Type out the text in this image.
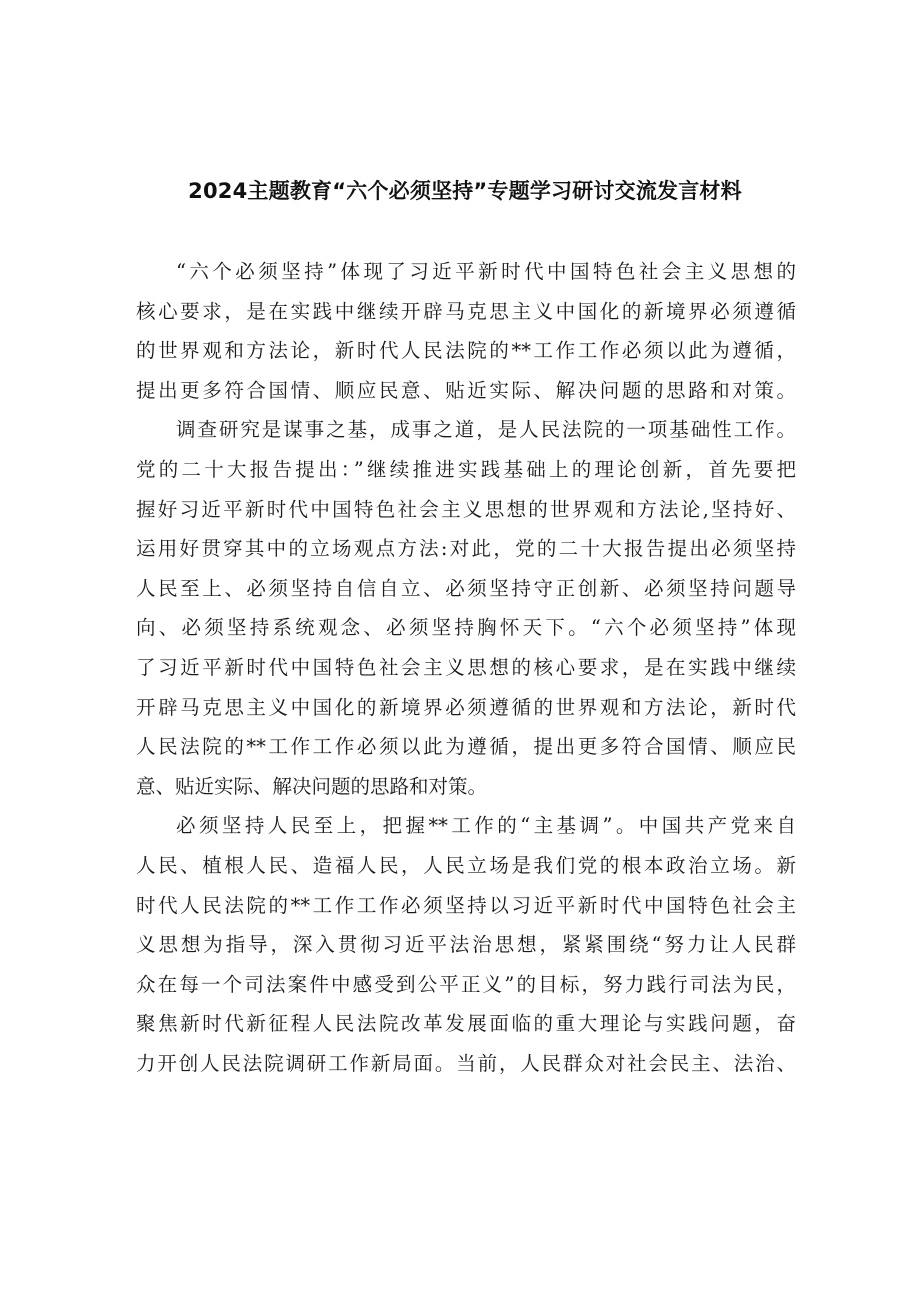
2024主题教育“六个必须坚持”专题学习研讨交流发言材料
“六个必须坚持”体现了习近平新时代中国特色社会主义思想的
核心要求，是在实践中继续开辟马克思主义中国化的新境界必须遵循
的世界观和方法论，新时代人民法院的**工作工作必须以此为遵循，
提出更多符合国情、顺应民意、贴近实际、解决问题的思路和对策。
调查研究是谋事之基，成事之道，是人民法院的一项基础性工作。
党的二十大报告提出：”继续推进实践基础上的理论创新，首先要把
握好习近平新时代中国特色社会主义思想的世界观和方法论,坚持好、
运用好贯穿其中的立场观点方法:对此，党的二十大报告提出必须坚持
人民至上、必须坚持自信自立、必须坚持守正创新、必须坚持问题导
向、必须坚持系统观念、必须坚持胸怀天下。“六个必须坚持”体现
了习近平新时代中国特色社会主义思想的核心要求，是在实践中继续
开辟马克思主义中国化的新境界必须遵循的世界观和方法论，新时代
人民法院的**工作工作必须以此为遵循，提出更多符合国情、顺应民
意、贴近实际、解决问题的思路和对策。
必须坚持人民至上，把握**工作的“主基调”。中国共产党来自
人民、植根人民、造福人民，人民立场是我们党的根本政治立场。新
时代人民法院的**工作工作必须坚持以习近平新时代中国特色社会主
义思想为指导，深入贯彻习近平法治思想，紧紧围绕“努力让人民群
众在每一个司法案件中感受到公平正义”的目标，努力践行司法为民，
聚焦新时代新征程人民法院改革发展面临的重大理论与实践问题，奋
力开创人民法院调研工作新局面。当前，人民群众对社会民主、法治、
